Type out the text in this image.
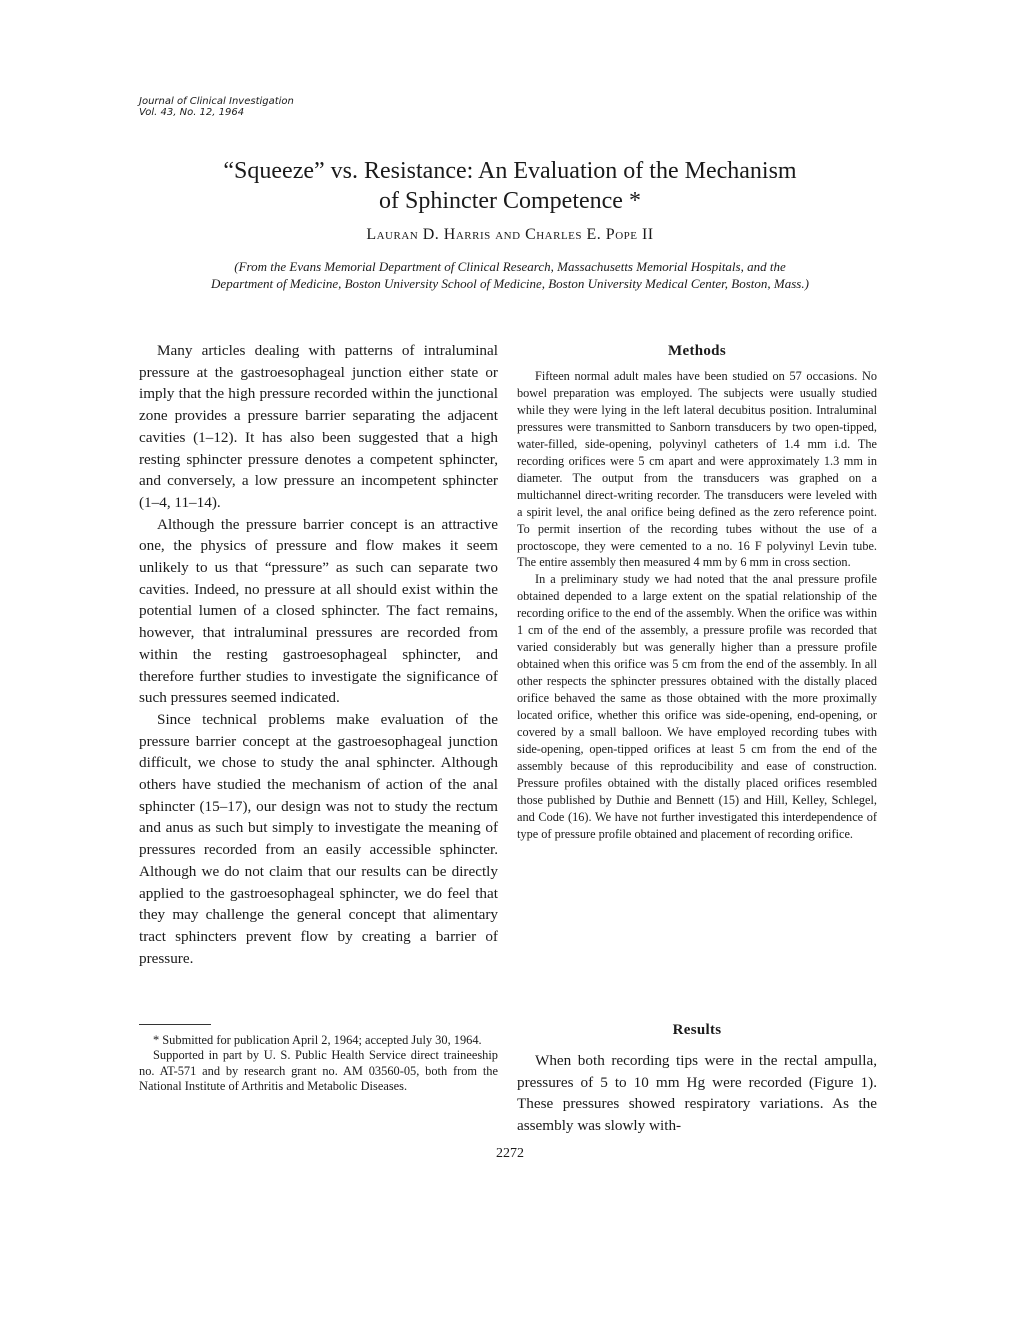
Journal of Clinical Investigation
Vol. 43, No. 12, 1964
“Squeeze” vs. Resistance: An Evaluation of the Mechanism
of Sphincter Competence *
Lauran D. Harris and Charles E. Pope II
(From the Evans Memorial Department of Clinical Research, Massachusetts Memorial Hospitals, and the Department of Medicine, Boston University School of Medicine, Boston University Medical Center, Boston, Mass.)

Many articles dealing with patterns of intraluminal pressure at the gastroesophageal junction either state or imply that the high pressure recorded within the junctional zone provides a pressure barrier separating the adjacent cavities (1–12). It has also been suggested that a high resting sphincter pressure denotes a competent sphincter, and conversely, a low pressure an incompetent sphincter (1–4, 11–14).

Although the pressure barrier concept is an attractive one, the physics of pressure and flow makes it seem unlikely to us that “pressure” as such can separate two cavities. Indeed, no pressure at all should exist within the potential lumen of a closed sphincter. The fact remains, however, that intraluminal pressures are recorded from within the resting gastroesophageal sphincter, and therefore further studies to investigate the significance of such pressures seemed indicated.

Since technical problems make evaluation of the pressure barrier concept at the gastroesophageal junction difficult, we chose to study the anal sphincter. Although others have studied the mechanism of action of the anal sphincter (15–17), our design was not to study the rectum and anus as such but simply to investigate the meaning of pressures recorded from an easily accessible sphincter. Although we do not claim that our results can be directly applied to the gastroesophageal sphincter, we do feel that they may challenge the general concept that alimentary tract sphincters prevent flow by creating a barrier of pressure.

* Submitted for publication April 2, 1964; accepted July 30, 1964.

Supported in part by U. S. Public Health Service direct traineeship no. AT-571 and by research grant no. AM 03560-05, both from the National Institute of Arthritis and Metabolic Diseases.

Methods

Fifteen normal adult males have been studied on 57 occasions. No bowel preparation was employed. The subjects were usually studied while they were lying in the left lateral decubitus position. Intraluminal pressures were transmitted to Sanborn transducers by two open-tipped, water-filled, side-opening, polyvinyl catheters of 1.4 mm i.d. The recording orifices were 5 cm apart and were approximately 1.3 mm in diameter. The output from the transducers was graphed on a multichannel direct-writing recorder. The transducers were leveled with a spirit level, the anal orifice being defined as the zero reference point. To permit insertion of the recording tubes without the use of a proctoscope, they were cemented to a no. 16 F polyvinyl Levin tube. The entire assembly then measured 4 mm by 6 mm in cross section.

In a preliminary study we had noted that the anal pressure profile obtained depended to a large extent on the spatial relationship of the recording orifice to the end of the assembly. When the orifice was within 1 cm of the end of the assembly, a pressure profile was recorded that varied considerably but was generally higher than a pressure profile obtained when this orifice was 5 cm from the end of the assembly. In all other respects the sphincter pressures obtained with the distally placed orifice behaved the same as those obtained with the more proximally located orifice, whether this orifice was side-opening, end-opening, or covered by a small balloon. We have employed recording tubes with side-opening, open-tipped orifices at least 5 cm from the end of the assembly because of this reproducibility and ease of construction. Pressure profiles obtained with the distally placed orifices resembled those published by Duthie and Bennett (15) and Hill, Kelley, Schlegel, and Code (16). We have not further investigated this interdependence of type of pressure profile obtained and placement of recording orifice.

Results

When both recording tips were in the rectal ampulla, pressures of 5 to 10 mm Hg were recorded (Figure 1). These pressures showed respiratory variations. As the assembly was slowly with-

2272
